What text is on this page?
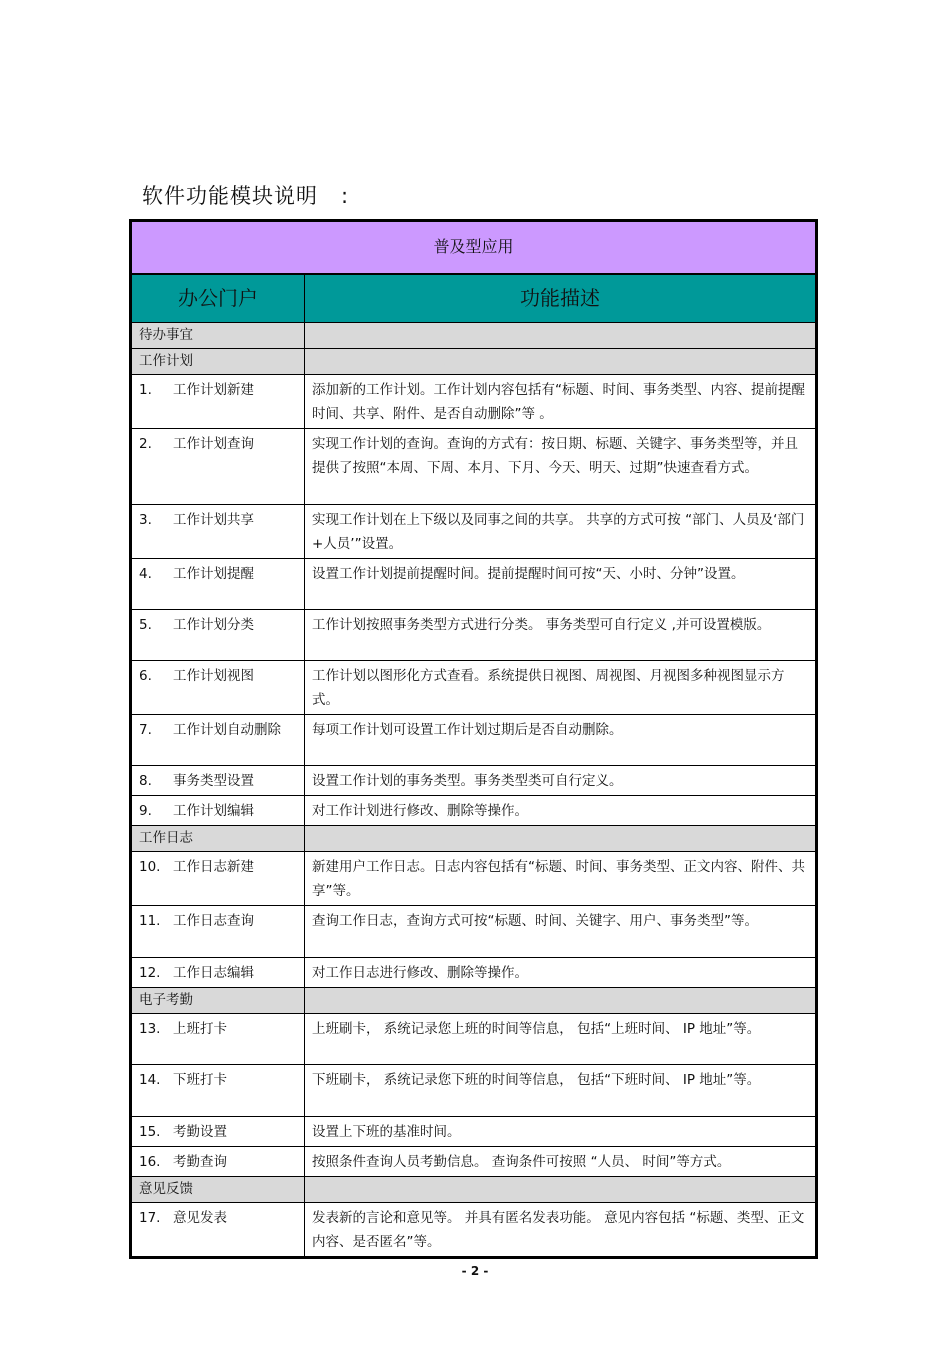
软件功能模块说明   :
普及型应用	
办公门户	功能描述
待办事宜	
工作计划	
1. 工作计划新建	添加新的工作计划。工作计划内容包括有“标题、时间、事务类型、内容、提前提醒时间、共享、附件、是否自动删除”等 。
2. 工作计划查询	实现工作计划的查询。查询的方式有：按日期、标题、关键字、事务类型等，并且提供了按照“本周、下周、本月、下月、今天、明天、过期”快速查看方式。
3. 工作计划共享	实现工作计划在上下级以及同事之间的共享。 共享的方式可按 “部门、人员及‘部门 +人员’”设置。
4. 工作计划提醒	设置工作计划提前提醒时间。提前提醒时间可按“天、小时、分钟”设置。
5. 工作计划分类	工作计划按照事务类型方式进行分类。 事务类型可自行定义 ,并可设置模版。
6. 工作计划视图	工作计划以图形化方式查看。系统提供日视图、周视图、月视图多种视图显示方式。
7. 工作计划自动删除	每项工作计划可设置工作计划过期后是否自动删除。
8. 事务类型设置	设置工作计划的事务类型。事务类型类可自行定义。
9. 工作计划编辑	对工作计划进行修改、删除等操作。
工作日志	
10. 工作日志新建	新建用户工作日志。日志内容包括有“标题、时间、事务类型、正文内容、附件、共享”等。
11. 工作日志查询	查询工作日志，查询方式可按“标题、时间、关键字、用户、事务类型”等。
12. 工作日志编辑	对工作日志进行修改、删除等操作。
电子考勤	
13. 上班打卡	上班刷卡， 系统记录您上班的时间等信息， 包括“上班时间、 IP 地址”等。
14. 下班打卡	下班刷卡， 系统记录您下班的时间等信息， 包括“下班时间、 IP 地址”等。
15. 考勤设置	设置上下班的基准时间。
16. 考勤查询	按照条件查询人员考勤信息。 查询条件可按照 “人员、 时间”等方式。
意见反馈	
17. 意见发表	发表新的言论和意见等。 并具有匿名发表功能。 意见内容包括 “标题、类型、正文内容、是否匿名”等。
- 2 -
